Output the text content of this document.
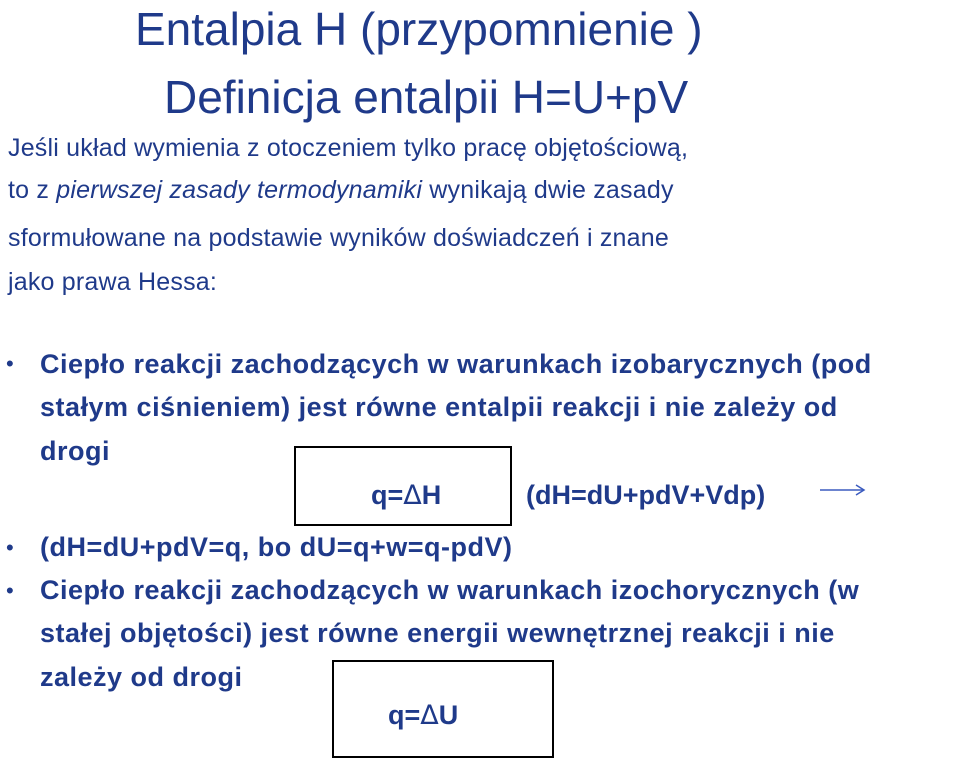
Entalpia H (przypomnienie )
Definicja entalpii H=U+pV
Jeśli układ wymienia z otoczeniem tylko pracę objętościową,
to z pierwszej zasady termodynamiki wynikają dwie zasady
sformułowane na podstawie wyników doświadczeń i znane
jako prawa Hessa:
• Ciepło reakcji zachodzących w warunkach izobarycznych (pod
stałym ciśnieniem) jest równe entalpii reakcji i nie zależy od
drogi
q=ΔH	(dH=dU+pdV+Vdp)
• (dH=dU+pdV=q, bo dU=q+w=q-pdV)
• Ciepło reakcji zachodzących w warunkach izochorycznych (w
stałej objętości) jest równe energii wewnętrznej reakcji i nie
zależy od drogi
q=ΔU
